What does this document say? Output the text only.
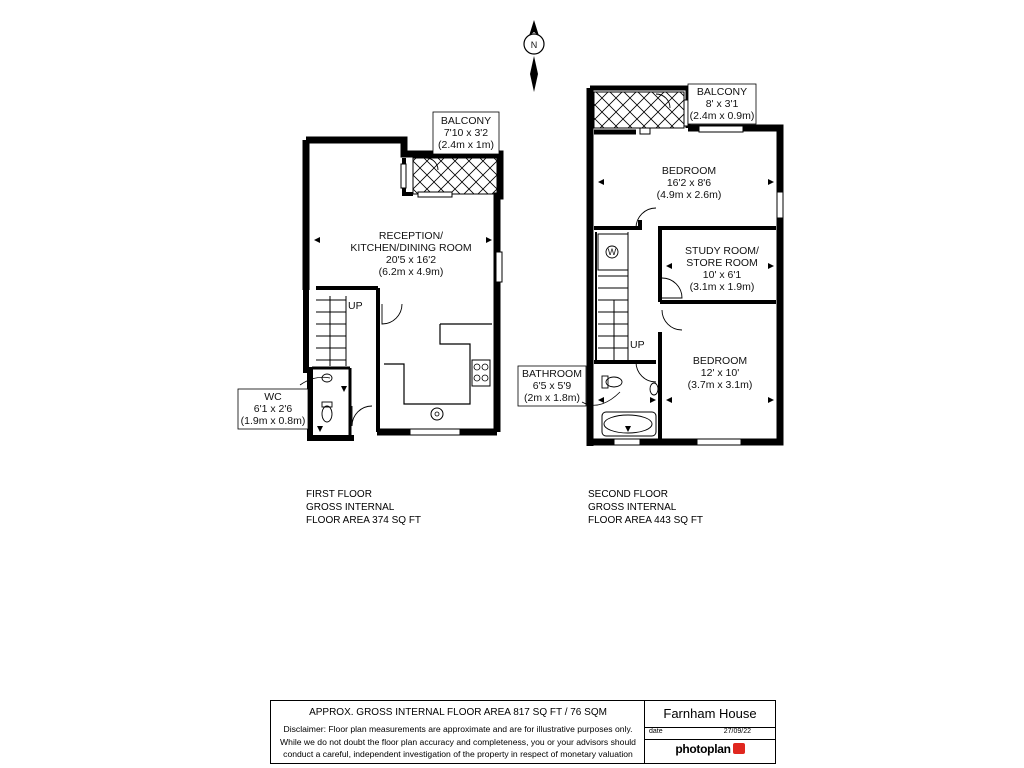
N
UP
BALCONY
7'10 x 3'2
(2.4m x 1m)
RECEPTION/
KITCHEN/DINING ROOM
20'5 x 16'2
(6.2m x 4.9m)
WC
6'1 x 2'6
(1.9m x 0.8m)
W
UP
BALCONY
8' x 3'1
(2.4m x 0.9m)
BEDROOM
16'2 x 8'6
(4.9m x 2.6m)
STUDY ROOM/
STORE ROOM
10' x 6'1
(3.1m x 1.9m)
BEDROOM
12' x 10'
(3.7m x 3.1m)
BATHROOM
6'5 x 5'9
(2m x 1.8m)
FIRST FLOOR
GROSS INTERNAL
FLOOR AREA 374 SQ FT
SECOND FLOOR
GROSS INTERNAL
FLOOR AREA 443 SQ FT
APPROX. GROSS INTERNAL FLOOR AREA 817 SQ FT / 76 SQM
Disclaimer: Floor plan measurements are approximate and are for illustrative purposes only.
While we do not doubt the floor plan accuracy and completeness, you or your advisors should
conduct a careful, independent investigation of the property in respect of monetary valuation
Farnham House
date	27/09/22
photoplan
